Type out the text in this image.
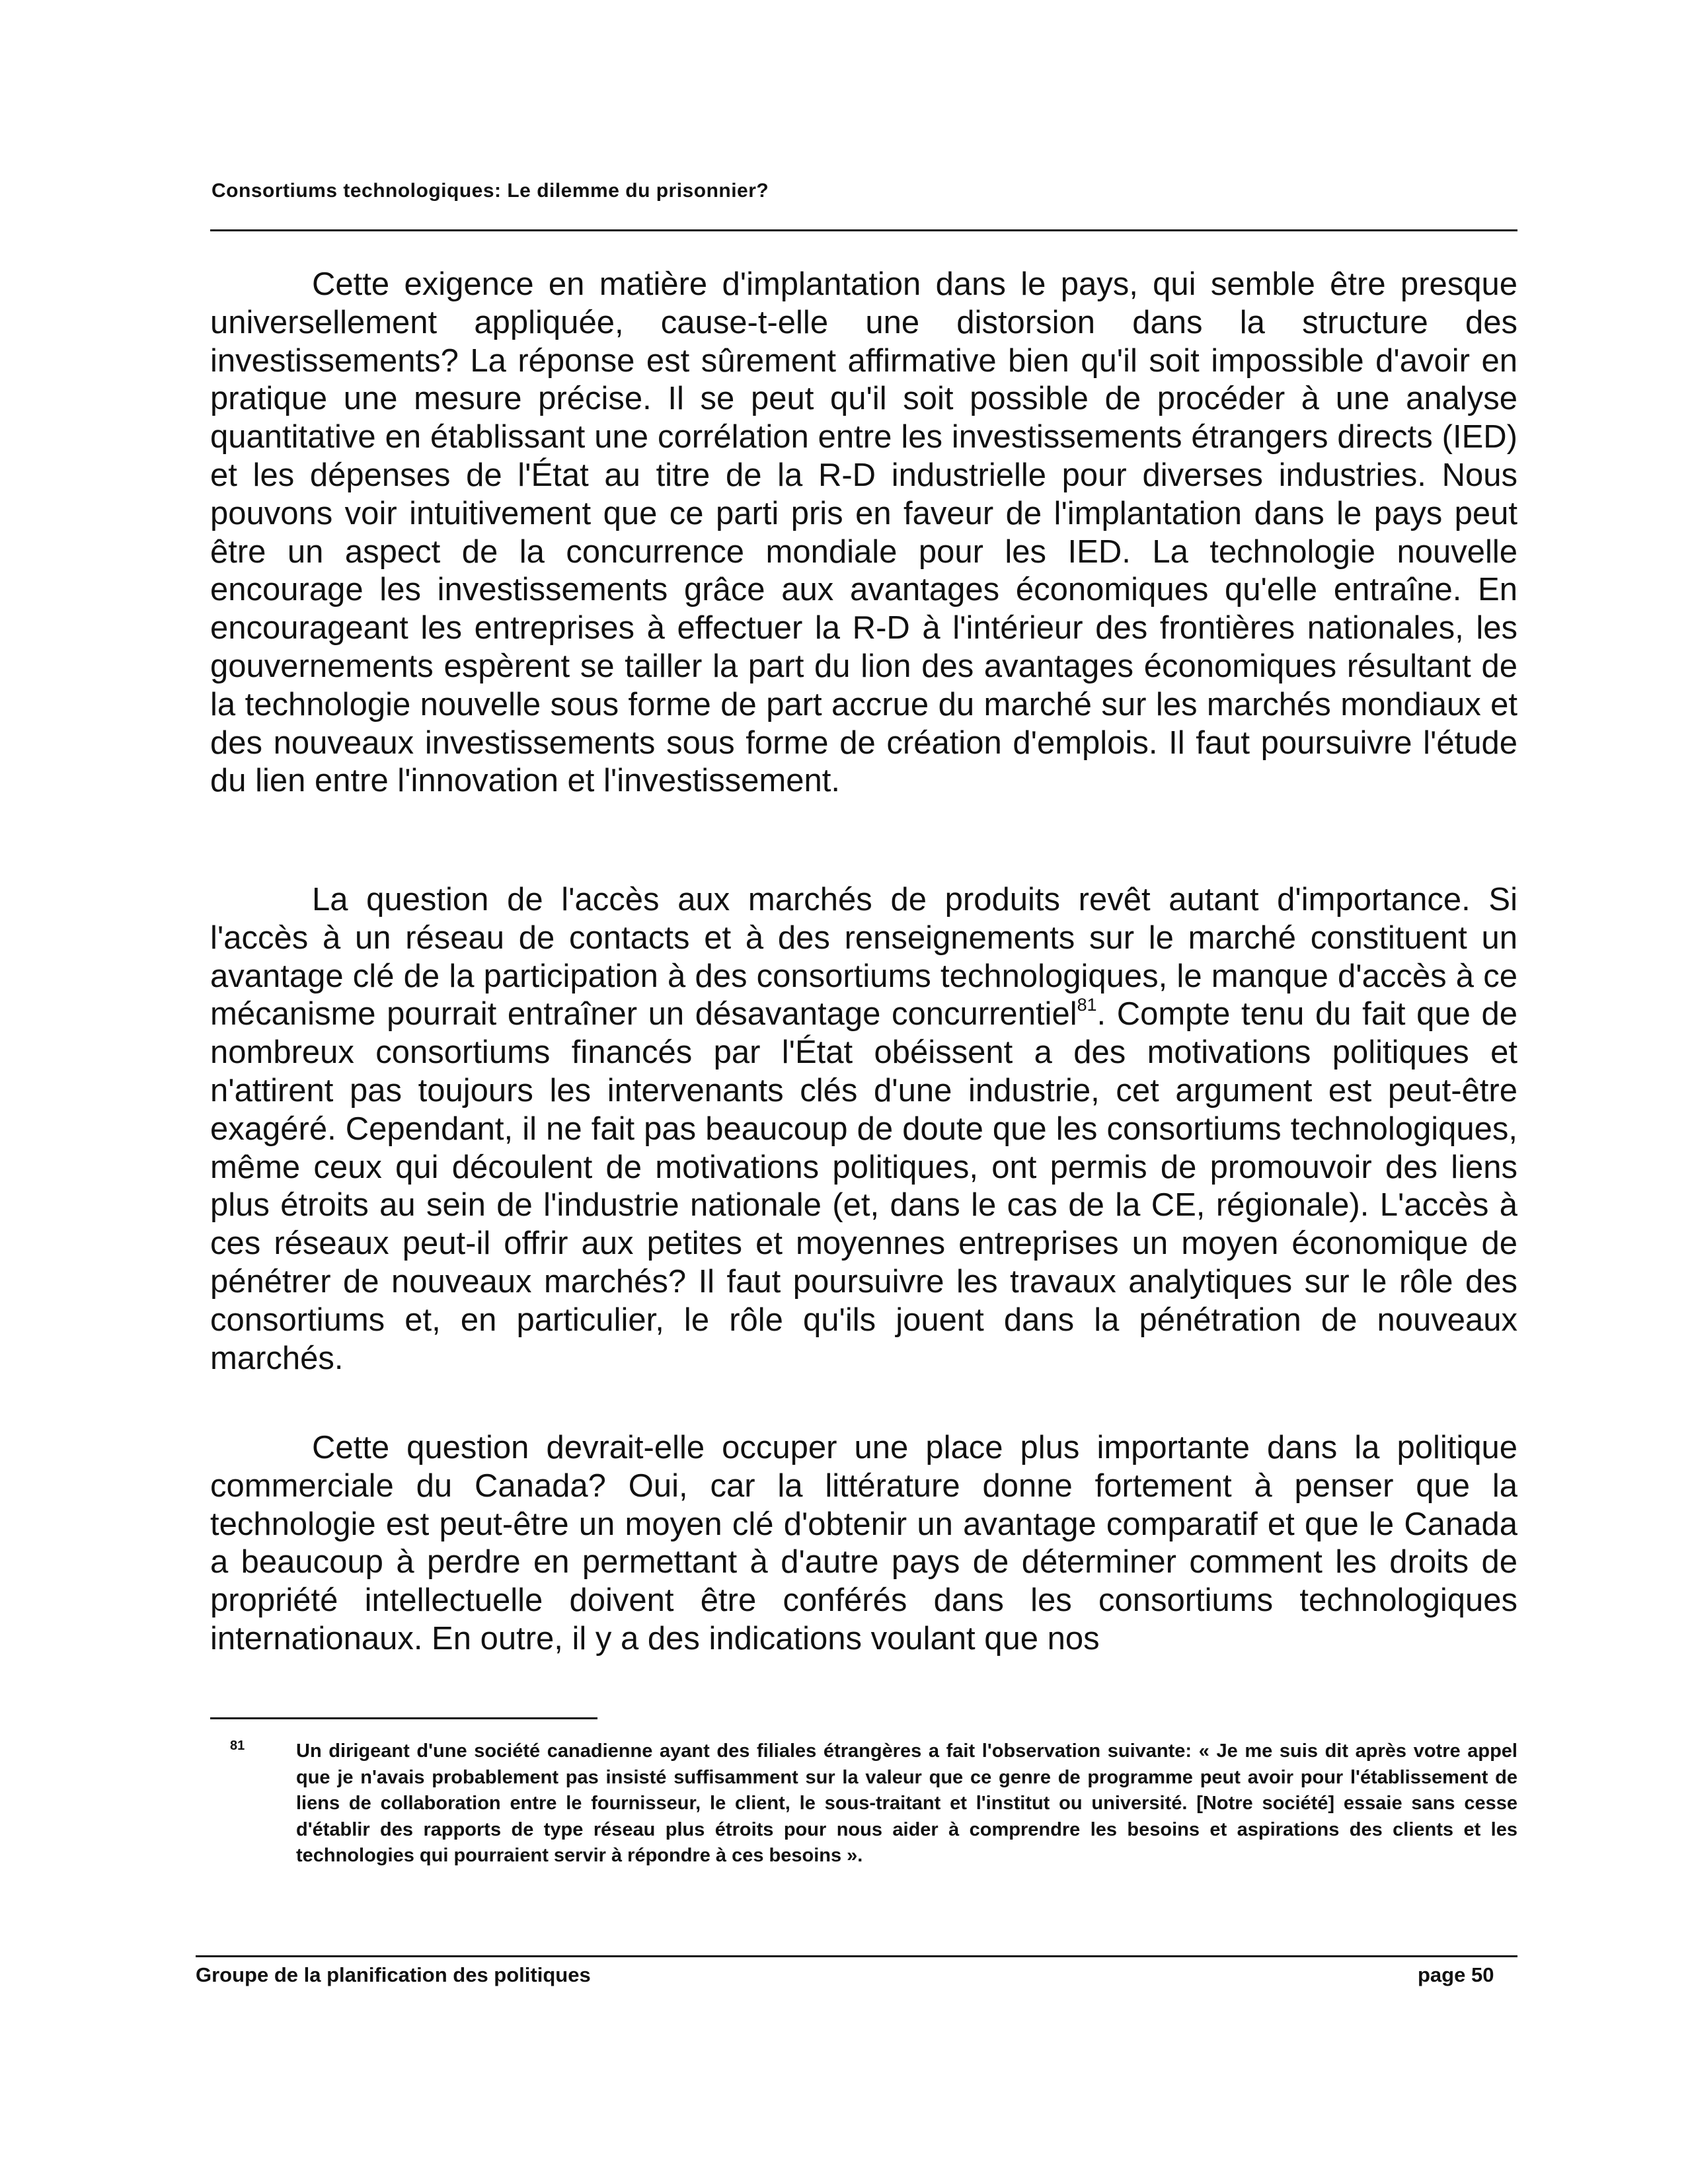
Consortiums technologiques: Le dilemme du prisonnier?

Cette exigence en matière d'implantation dans le pays, qui semble être presque universellement appliquée, cause-t-elle une distorsion dans la structure des investissements? La réponse est sûrement affirmative bien qu'il soit impossible d'avoir en pratique une mesure précise. Il se peut qu'il soit possible de procéder à une analyse quantitative en établissant une corrélation entre les investissements étrangers directs (IED) et les dépenses de l'État au titre de la R-D industrielle pour diverses industries. Nous pouvons voir intuitivement que ce parti pris en faveur de l'implantation dans le pays peut être un aspect de la concurrence mondiale pour les IED. La technologie nouvelle encourage les investissements grâce aux avantages économiques qu'elle entraîne. En encourageant les entreprises à effectuer la R-D à l'intérieur des frontières nationales, les gouvernements espèrent se tailler la part du lion des avantages économiques résultant de la technologie nouvelle sous forme de part accrue du marché sur les marchés mondiaux et des nouveaux investissements sous forme de création d'emplois. Il faut poursuivre l'étude du lien entre l'innovation et l'investissement.

La question de l'accès aux marchés de produits revêt autant d'importance. Si l'accès à un réseau de contacts et à des renseignements sur le marché constituent un avantage clé de la participation à des consortiums technologiques, le manque d'accès à ce mécanisme pourrait entraîner un désavantage concurrentiel$^{81}$. Compte tenu du fait que de nombreux consortiums financés par l'État obéissent a des motivations politiques et n'attirent pas toujours les intervenants clés d'une industrie, cet argument est peut-être exagéré. Cependant, il ne fait pas beaucoup de doute que les consortiums technologiques, même ceux qui découlent de motivations politiques, ont permis de promouvoir des liens plus étroits au sein de l'industrie nationale (et, dans le cas de la CE, régionale). L'accès à ces réseaux peut-il offrir aux petites et moyennes entreprises un moyen économique de pénétrer de nouveaux marchés? Il faut poursuivre les travaux analytiques sur le rôle des consortiums et, en particulier, le rôle qu'ils jouent dans la pénétration de nouveaux marchés.

Cette question devrait-elle occuper une place plus importante dans la politique commerciale du Canada? Oui, car la littérature donne fortement à penser que la technologie est peut-être un moyen clé d'obtenir un avantage comparatif et que le Canada a beaucoup à perdre en permettant à d'autre pays de déterminer comment les droits de propriété intellectuelle doivent être conférés dans les consortiums technologiques internationaux. En outre, il y a des indications voulant que nos

81	Un dirigeant d'une société canadienne ayant des filiales étrangères a fait l'observation suivante: « Je me suis dit après votre appel que je n'avais probablement pas insisté suffisamment sur la valeur que ce genre de programme peut avoir pour l'établissement de liens de collaboration entre le fournisseur, le client, le sous-traitant et l'institut ou université. [Notre société] essaie sans cesse d'établir des rapports de type réseau plus étroits pour nous aider à comprendre les besoins et aspirations des clients et les technologies qui pourraient servir à répondre à ces besoins ».
Groupe de la planification des politiques	page 50
